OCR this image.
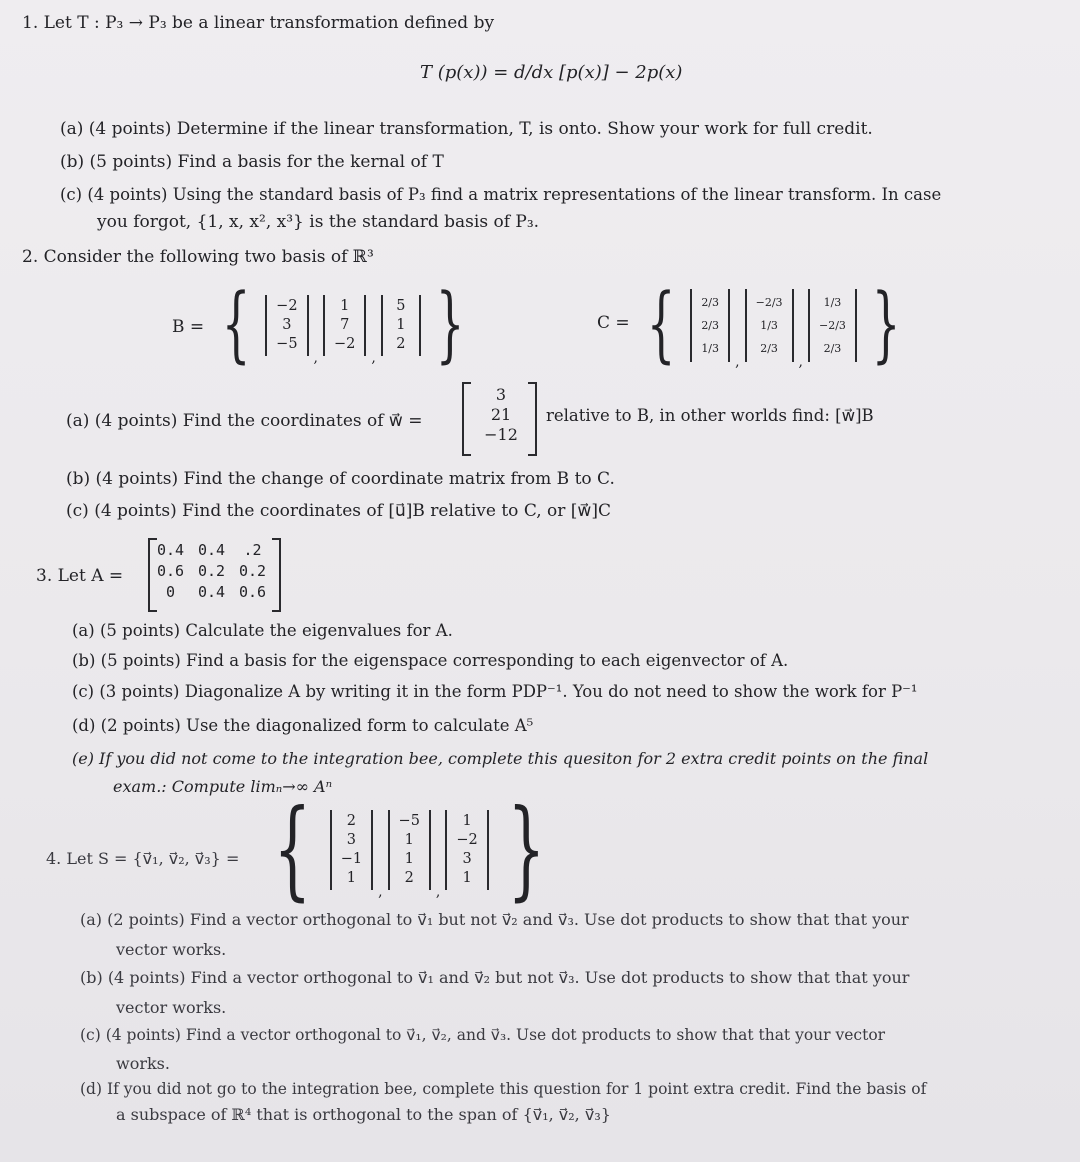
1. Let T : P₃ → P₃ be a linear transformation defined by
T (p(x)) = d/dx [p(x)] − 2p(x)
(a) (4 points) Determine if the linear transformation, T, is onto. Show your work for full credit.
(b) (5 points) Find a basis for the kernal of T
(c) (4 points) Using the standard basis of P₃ find a matrix representations of the linear transform. In case
you forgot, {1, x, x², x³} is the standard basis of P₃.
2. Consider the following two basis of ℝ³
B = { −2
3
−5
,
1
7
−2
,
5
1
2 }	C = { 2/3
2/3
1/3
,
−2/3
1/3
2/3
,
1/3
−2/3
2/3 }
(a) (4 points) Find the coordinates of w⃗ =
3
21
−12
relative to B, in other worlds find: [w⃗]B
(b) (4 points) Find the change of coordinate matrix from B to C.
(c) (4 points) Find the coordinates of [u⃗]B relative to C, or [w⃗]C
3. Let A =
0.4 0.4	.2
0.6 0.2 0.2
0	0.4 0.6
(a) (5 points) Calculate the eigenvalues for A.
(b) (5 points) Find a basis for the eigenspace corresponding to each eigenvector of A.
(c) (3 points) Diagonalize A by writing it in the form PDP⁻¹. You do not need to show the work for P⁻¹
(d) (2 points) Use the diagonalized form to calculate A⁵
(e) If you did not come to the integration bee, complete this quesiton for 2 extra credit points on the final
exam.: Compute limₙ→∞ Aⁿ
4. Let S = {v⃗₁, v⃗₂, v⃗₃} = {	2
3
−1
1
,
−5
1
1
2
,
1
−2
3
1 }
(a) (2 points) Find a vector orthogonal to v⃗₁ but not v⃗₂ and v⃗₃. Use dot products to show that that your
vector works.
(b) (4 points) Find a vector orthogonal to v⃗₁ and v⃗₂ but not v⃗₃. Use dot products to show that that your
vector works.
(c) (4 points) Find a vector orthogonal to v⃗₁, v⃗₂, and v⃗₃. Use dot products to show that that your vector
works.
(d) If you did not go to the integration bee, complete this question for 1 point extra credit. Find the basis of
a subspace of ℝ⁴ that is orthogonal to the span of {v⃗₁, v⃗₂, v⃗₃}
